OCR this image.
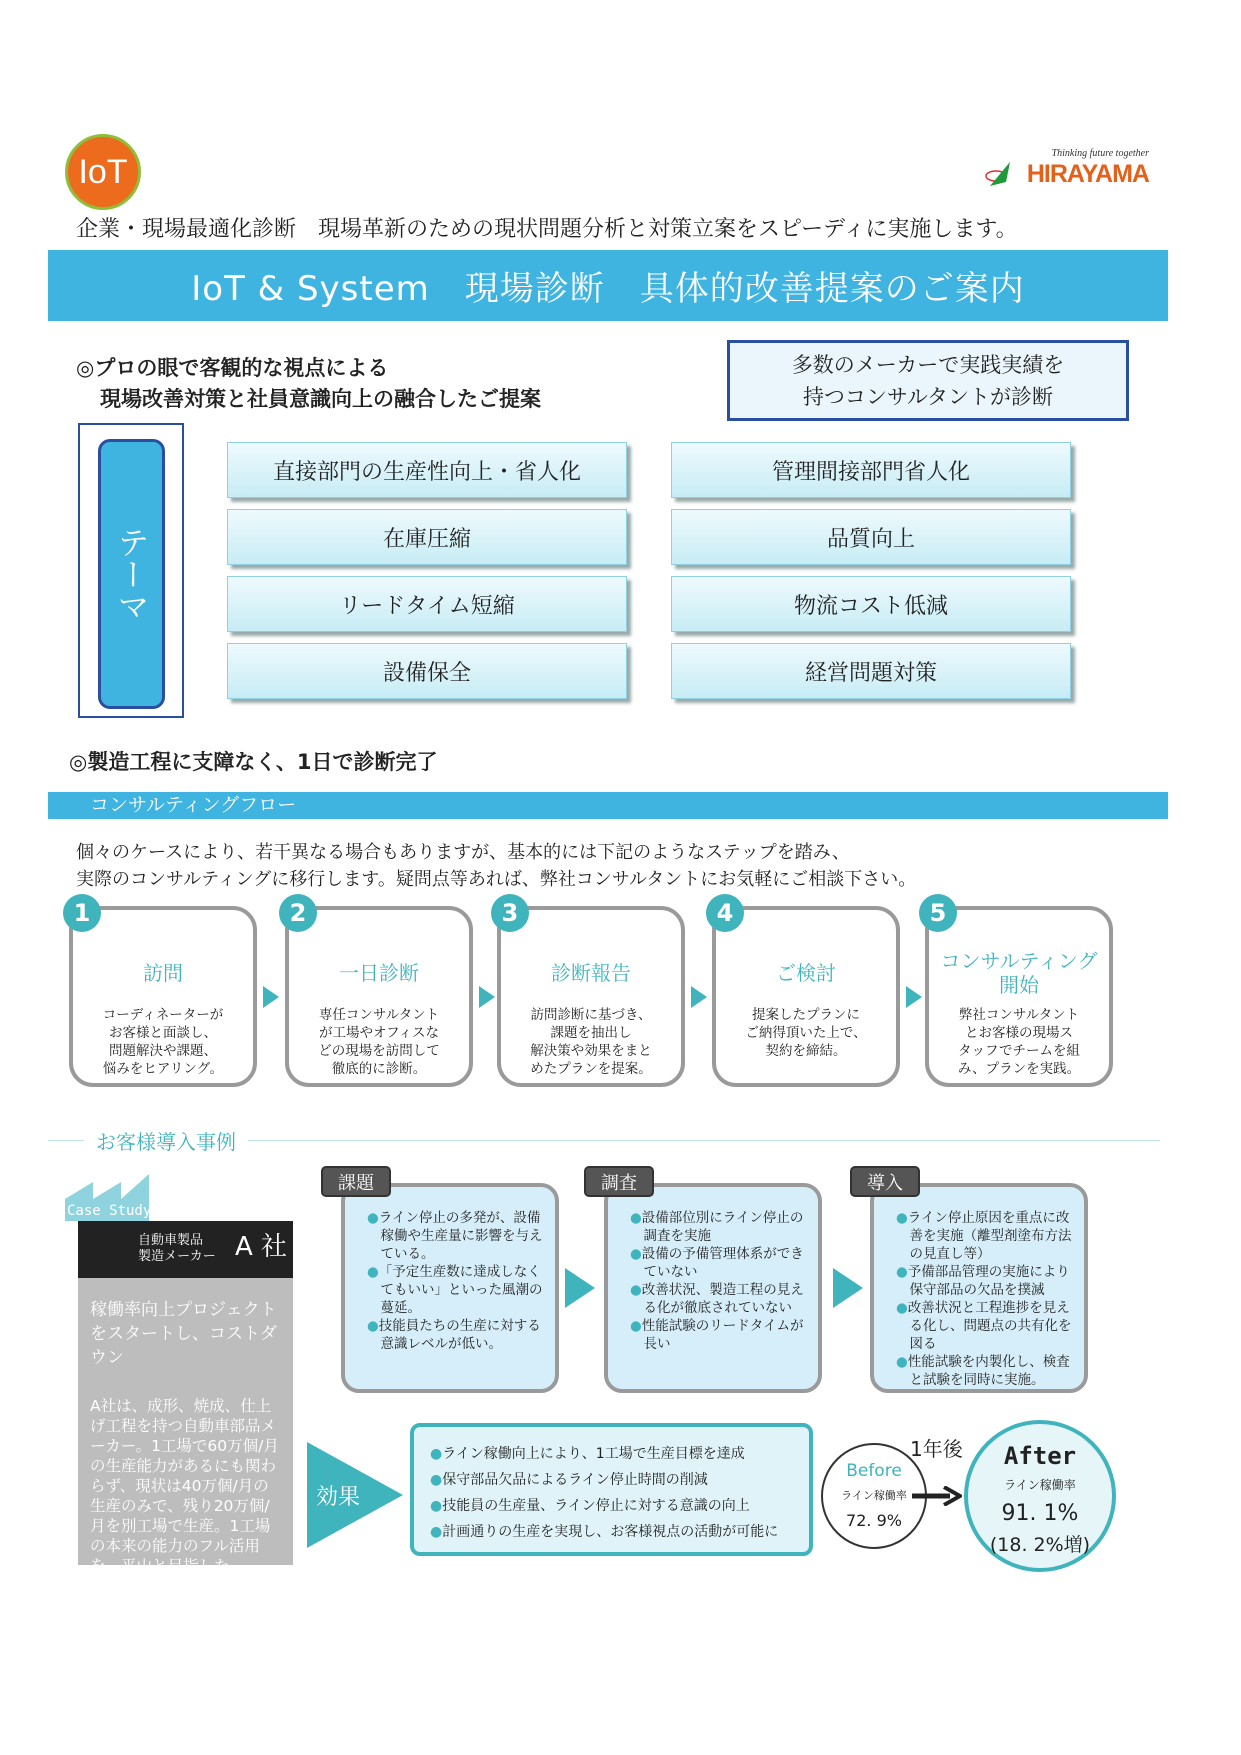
IoT	Thinking future together
HIRAYAMA
企業・現場最適化診断　現場革新のための現状問題分析と対策立案をスピーディに実施します。
IoT & System　現場診断　具体的改善提案のご案内
◎プロの眼で客観的な視点による
現場改善対策と社員意識向上の融合したご提案
多数のメーカーで実践実績を
持つコンサルタントが診断
テーマ
直接部門の生産性向上・省人化
在庫圧縮
リードタイム短縮
設備保全
管理間接部門省人化
品質向上
物流コスト低減
経営問題対策
◎製造工程に支障なく、1日で診断完了
コンサルティングフロー
個々のケースにより、若干異なる場合もありますが、基本的には下記のようなステップを踏み、
実際のコンサルティングに移行します。疑問点等あれば、弊社コンサルタントにお気軽にご相談下さい。
訪問
コーディネーターが
お客様と面談し、
問題解決や課題、
悩みをヒアリング。
1
一日診断
専任コンサルタント
が工場やオフィスな
どの現場を訪問して
徹底的に診断。
2
診断報告
訪問診断に基づき、
課題を抽出し
解決策や効果をまと
めたプランを提案。
3
ご検討
提案したプランに
ご納得頂いた上で、
契約を締結。
4
コンサルティング
開始
弊社コンサルタント
とお客様の現場ス
タッフでチームを組
み、プランを実践。
5
お客様導入事例
Case Study
自動車製品
製造メーカー A 社
稼働率向上プロジェクトをスタートし、コストダウン
A社は、成形、焼成、仕上げ工程を持つ自動車部品メーカー。1工場で60万個/月の生産能力があるにも関わらず、現状は40万個/月の生産のみで、残り20万個/月を別工場で生産。1工場の本来の能力のフル活用を、平山と目指した。
●ライン停止の多発が、設備稼働や生産量に影響を与えている。
●「予定生産数に達成しなくてもいい」といった風潮の蔓延。
●技能員たちの生産に対する意識レベルが低い。
課題
●設備部位別にライン停止の調査を実施
●設備の予備管理体系ができていない
●改善状況、製造工程の見える化が徹底されていない
●性能試験のリードタイムが長い
調査
●ライン停止原因を重点に改善を実施（離型剤塗布方法の見直し等）
●予備部品管理の実施により保守部品の欠品を撲滅
●改善状況と工程進捗を見える化し、問題点の共有化を図る
●性能試験を内製化し、検査と試験を同時に実施。
導入
効果
●ライン稼働向上により、1工場で生産目標を達成
●保守部品欠品によるライン停止時間の削減
●技能員の生産量、ライン停止に対する意識の向上
●計画通りの生産を実現し、お客様視点の活動が可能に
Before
ライン稼働率
72. 9%
1年後	After
ライン稼働率
91. 1%
(18. 2%増)
